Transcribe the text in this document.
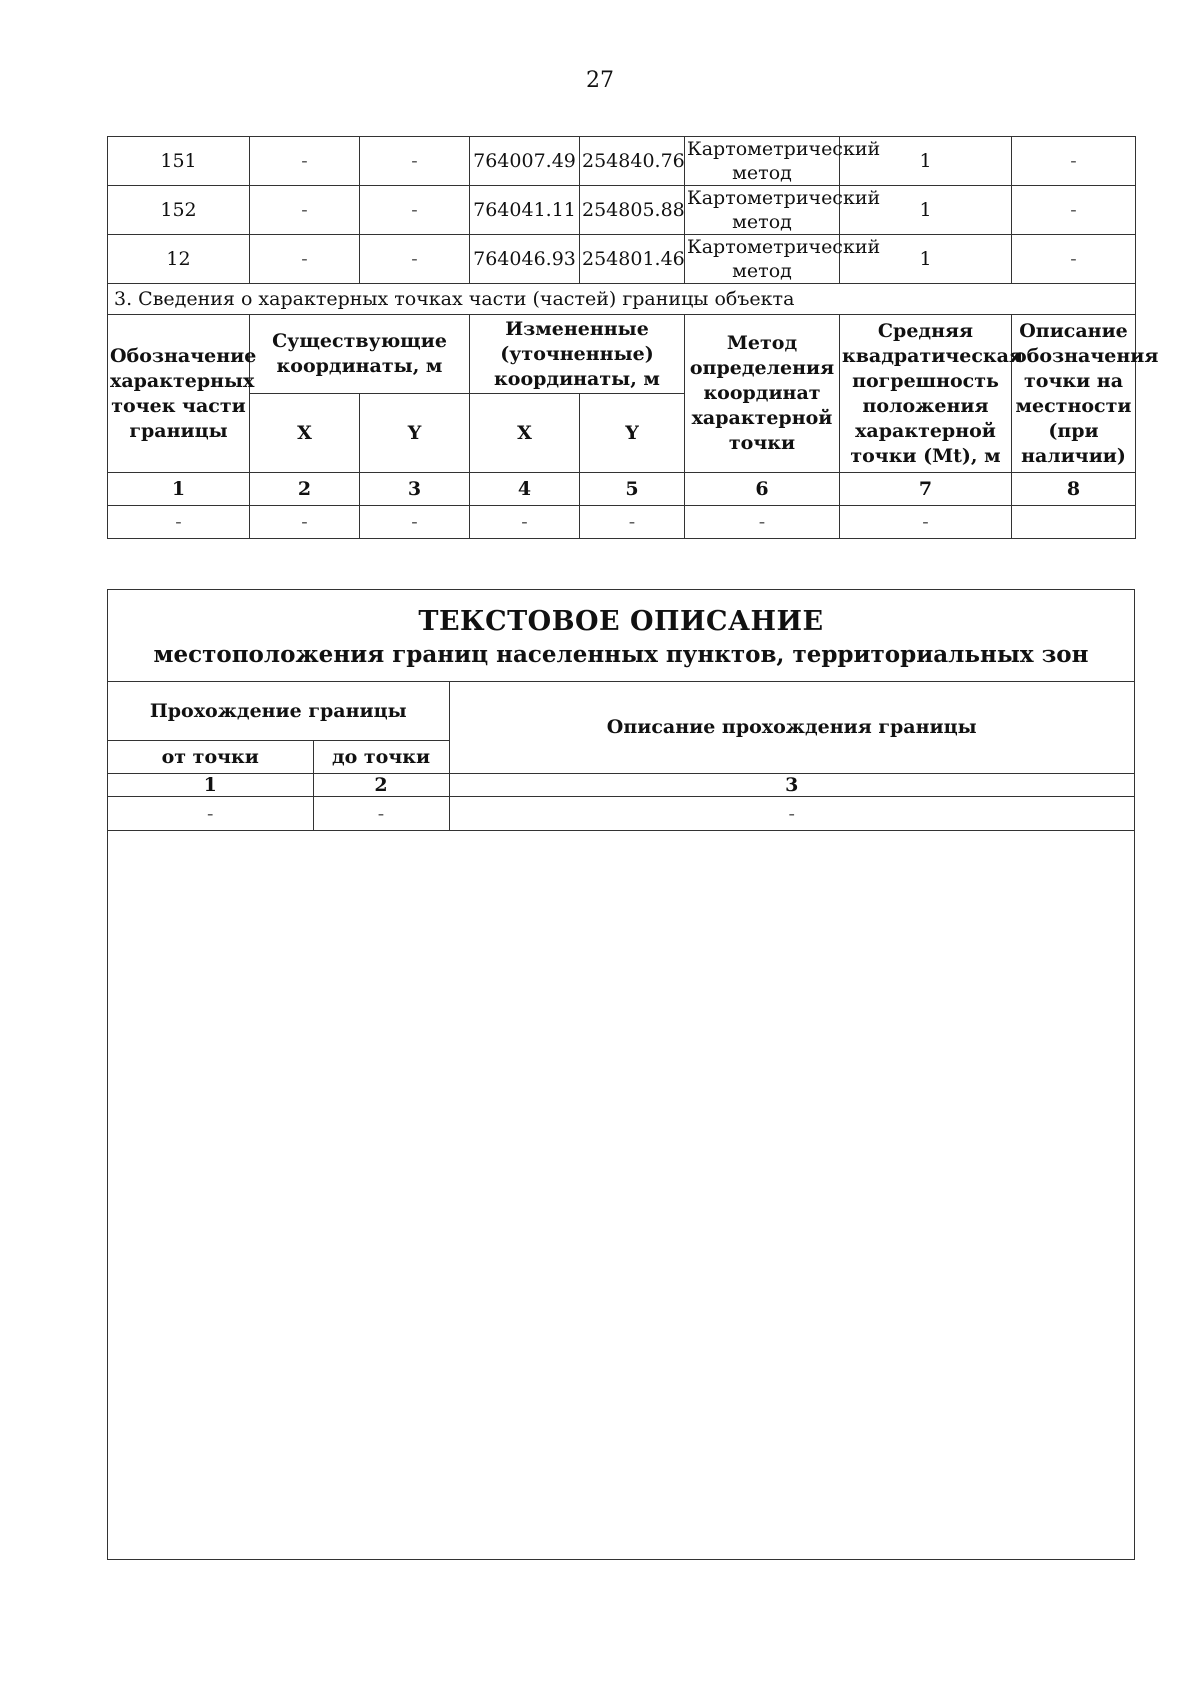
27
151	-	-	764007.49	254840.76	Картометрический метод	1	-
152	-	-	764041.11	254805.88	Картометрический метод	1	-
12	-	-	764046.93	254801.46	Картометрический метод	1	-
3. Сведения о характерных точках части (частей) границы объекта							
Обозначение характерных точек части границы	Существующие координаты, м		Измененные (уточненные) координаты, м		Метод определения координат характерной точки	Средняя квадратическая погрешность положения характерной точки (Mt), м	Описание обозначения точки на местности (при наличии)
	X	Y	X	Y			
1	2	3	4	5	6	7	8
-	-	-	-	-	-	-	
ТЕКСТОВОЕ ОПИСАНИЕ
местоположения границ населенных пунктов, территориальных зон
Прохождение границы		Описание прохождения границы
от точки	до точки	
1	2	3
-	-	-
